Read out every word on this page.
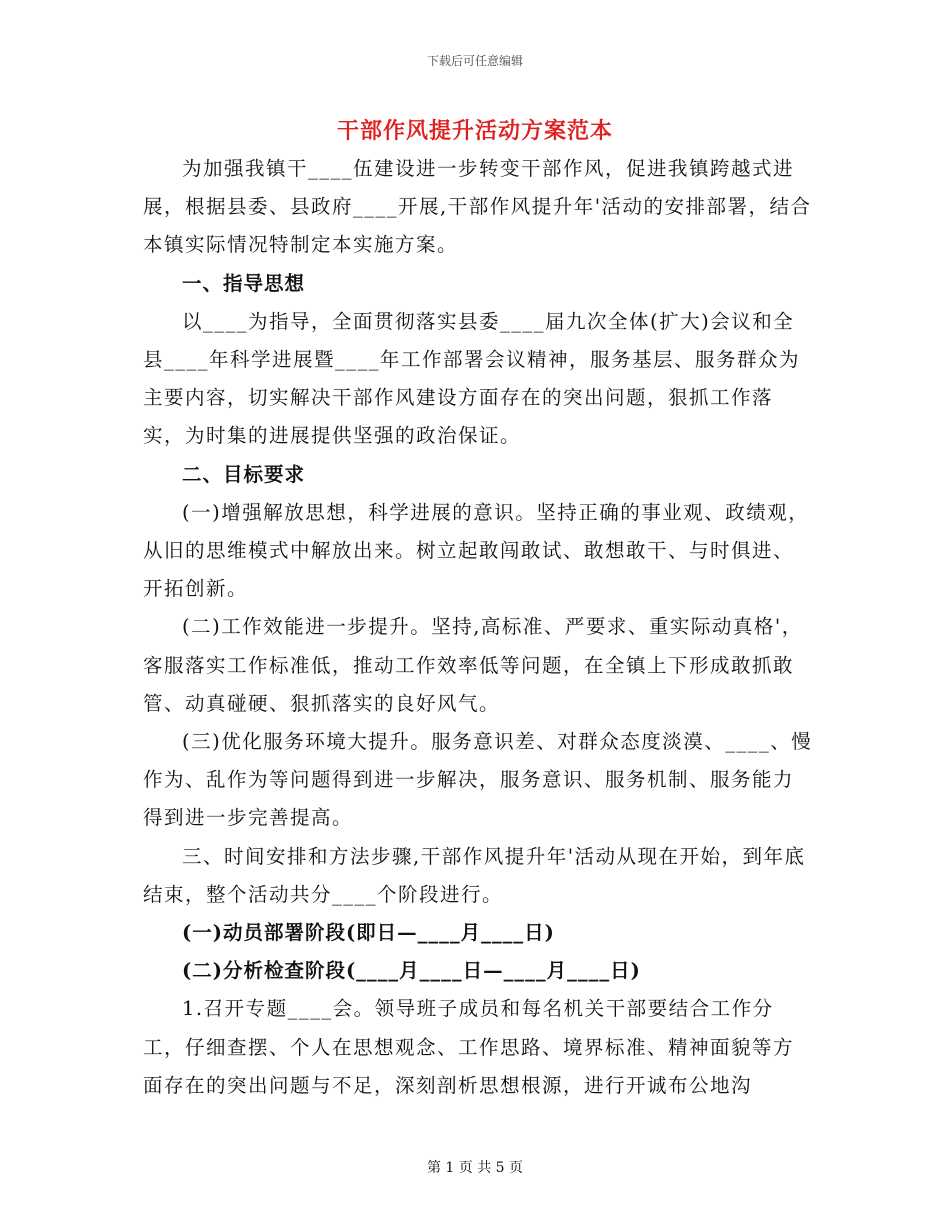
下载后可任意编辑
干部作风提升活动方案范本

为加强我镇干____伍建设进一步转变干部作风，促进我镇跨越式进展，根据县委、县政府____开展,干部作风提升年'活动的安排部署，结合本镇实际情况特制定本实施方案。

一、指导思想

以____为指导，全面贯彻落实县委____届九次全体(扩大)会议和全县____年科学进展暨____年工作部署会议精神，服务基层、服务群众为主要内容，切实解决干部作风建设方面存在的突出问题，狠抓工作落实，为时集的进展提供坚强的政治保证。

二、目标要求

(一)增强解放思想，科学进展的意识。坚持正确的事业观、政绩观，从旧的思维模式中解放出来。树立起敢闯敢试、敢想敢干、与时俱进、开拓创新。

(二)工作效能进一步提升。坚持,高标准、严要求、重实际动真格'，客服落实工作标准低，推动工作效率低等问题，在全镇上下形成敢抓敢管、动真碰硬、狠抓落实的良好风气。

(三)优化服务环境大提升。服务意识差、对群众态度淡漠、____、慢作为、乱作为等问题得到进一步解决，服务意识、服务机制、服务能力得到进一步完善提高。

三、时间安排和方法步骤,干部作风提升年'活动从现在开始，到年底结束，整个活动共分____个阶段进行。

(一)动员部署阶段(即日—____月____日)

(二)分析检查阶段(____月____日—____月____日)

1.召开专题____会。领导班子成员和每名机关干部要结合工作分工，仔细查摆、个人在思想观念、工作思路、境界标准、精神面貌等方面存在的突出问题与不足，深刻剖析思想根源，进行开诚布公地沟

第 1 页 共 5 页
